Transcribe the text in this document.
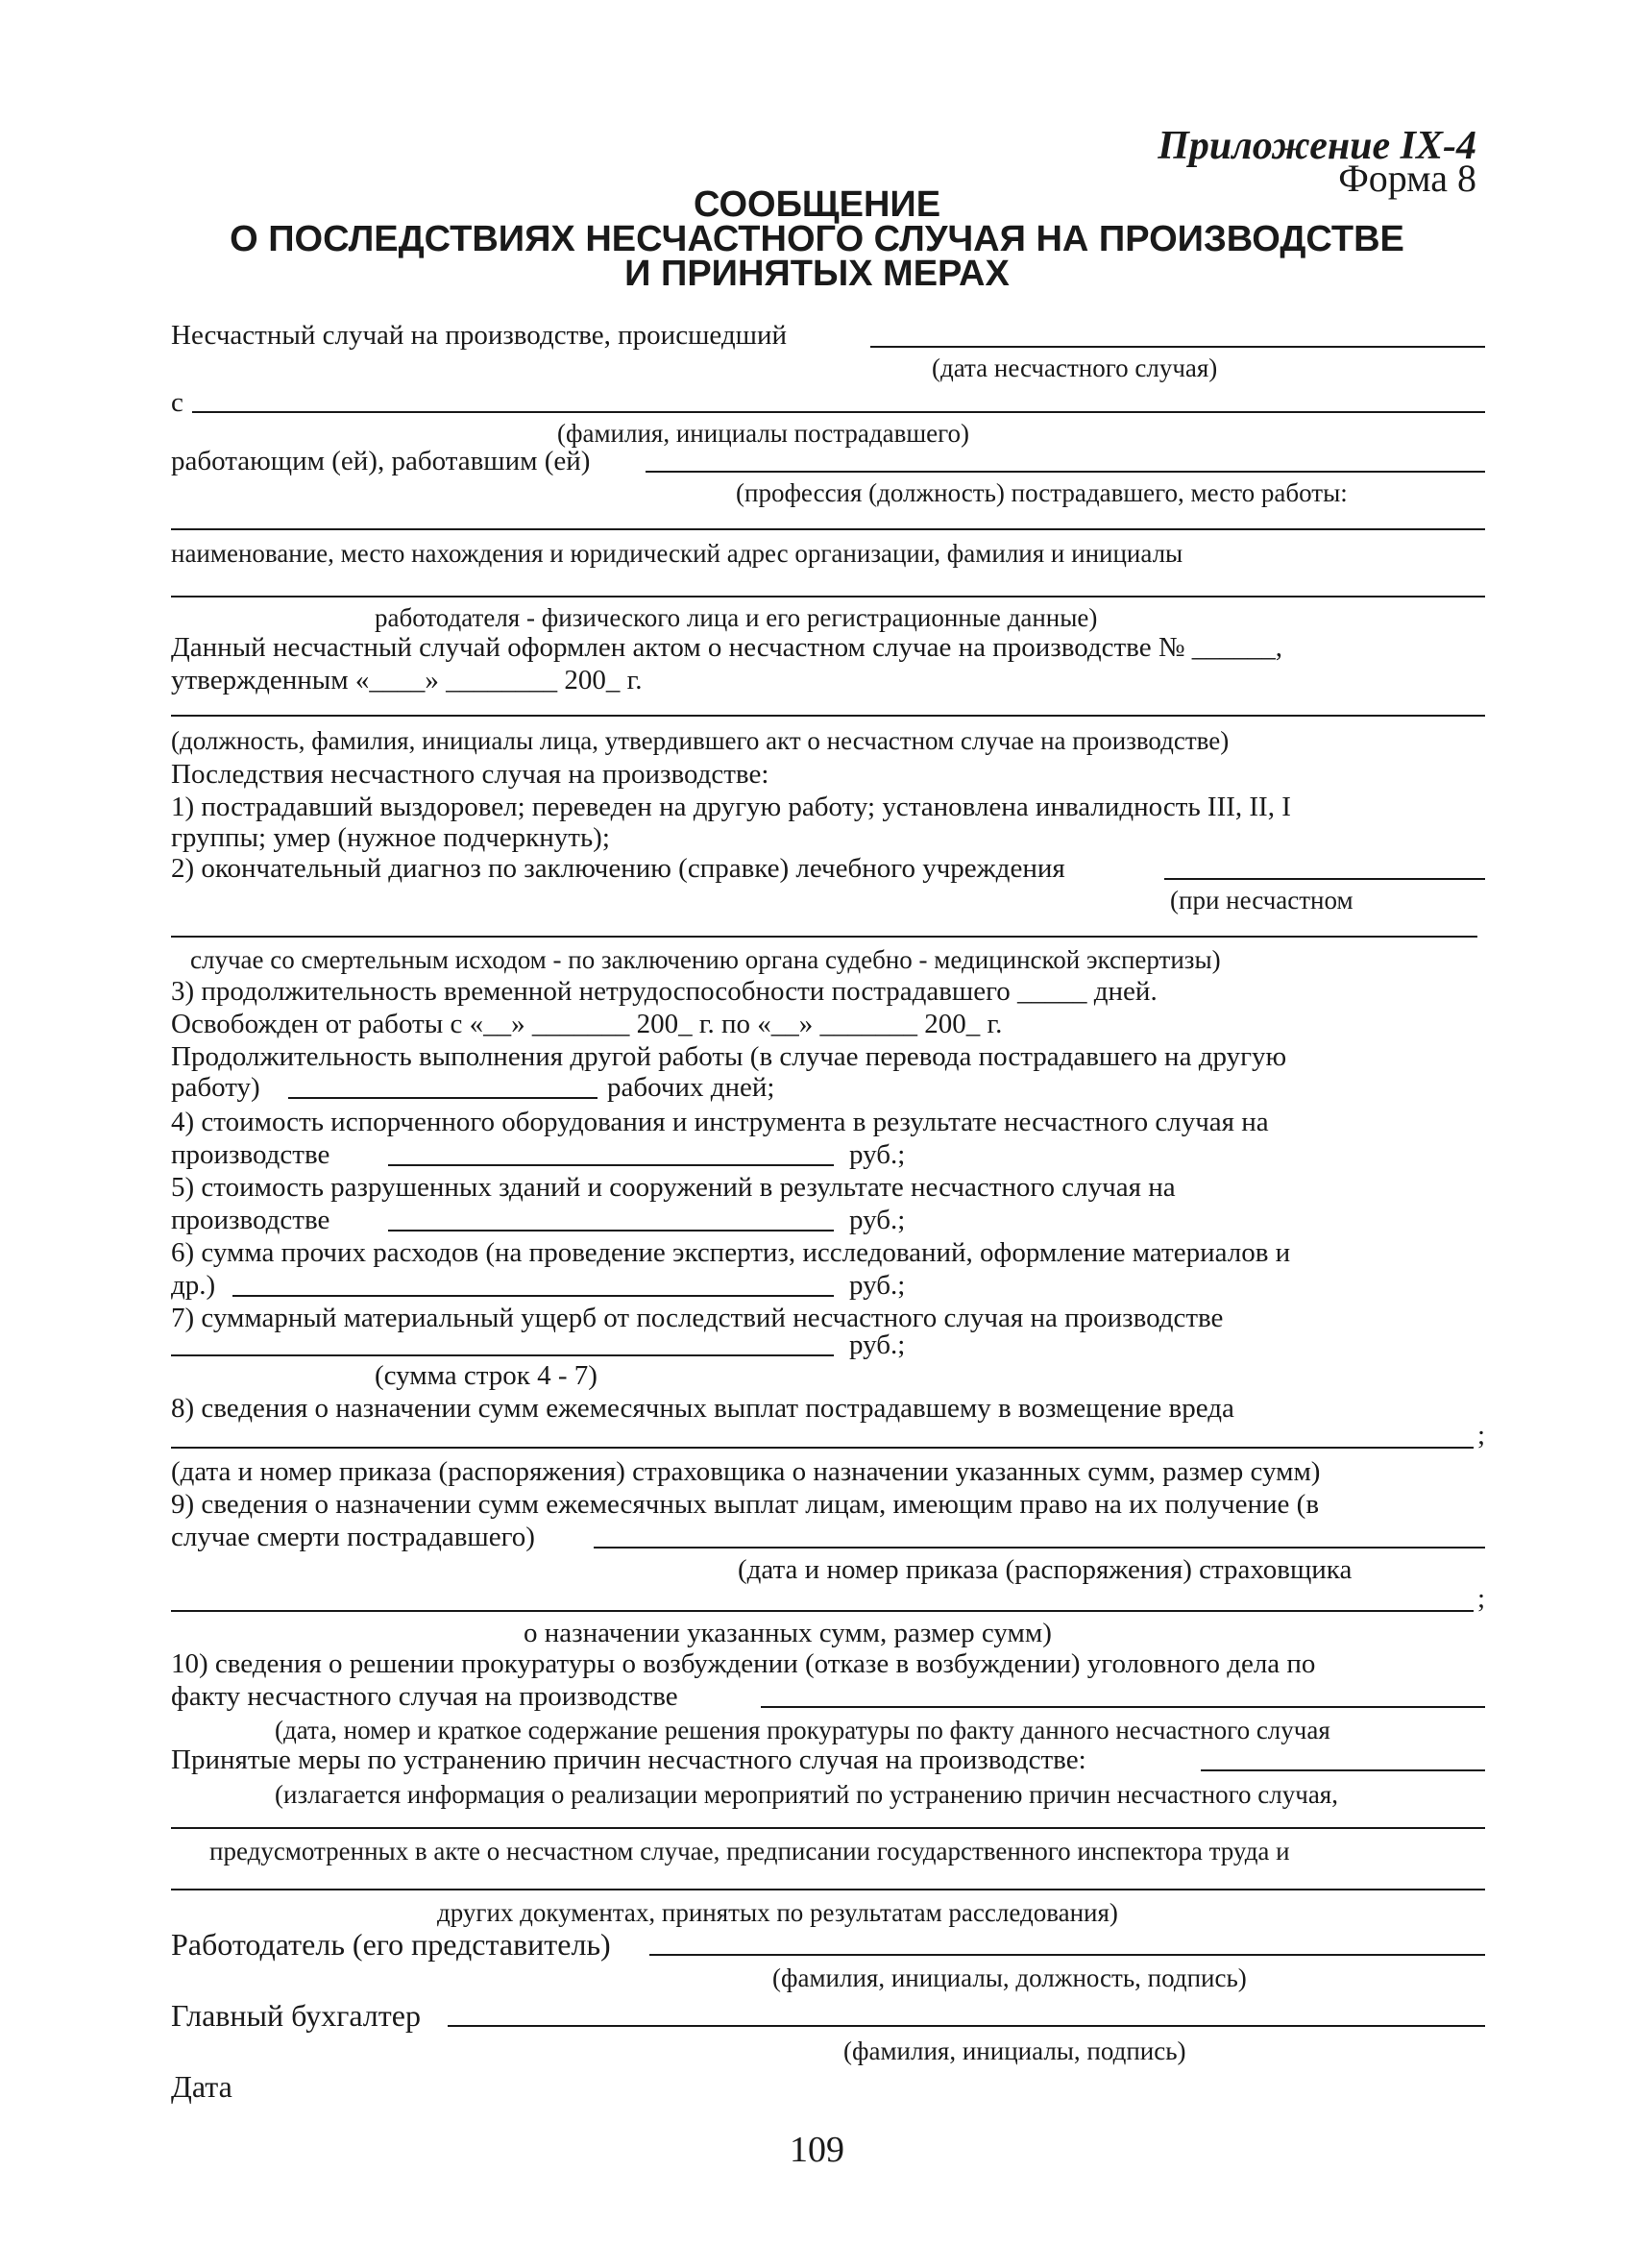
Приложение IX-4
Форма 8
СООБЩЕНИЕ
О ПОСЛЕДСТВИЯХ НЕСЧАСТНОГО СЛУЧАЯ НА ПРОИЗВОДСТВЕ
И ПРИНЯТЫХ МЕРАХ
Несчастный случай на производстве, происшедший
(дата несчастного случая)
с
(фамилия, инициалы пострадавшего)
работающим (ей), работавшим (ей)
(профессия (должность) пострадавшего, место работы:
наименование, место нахождения и юридический адрес организации, фамилия и инициалы
работодателя - физического лица и его регистрационные данные)
Данный несчастный случай оформлен актом о несчастном случае на производстве № ______,
утвержденным «____» ________ 200_ г.
(должность, фамилия, инициалы лица, утвердившего акт о несчастном случае на производстве)
Последствия несчастного случая на производстве:
1) пострадавший выздоровел; переведен на другую работу; установлена инвалидность III, II, I
группы; умер (нужное подчеркнуть);
2) окончательный диагноз по заключению (справке) лечебного учреждения
(при несчастном
случае со смертельным исходом - по заключению органа судебно - медицинской экспертизы)
3) продолжительность временной нетрудоспособности пострадавшего _____ дней.
Освобожден от работы с «__» _______ 200_ г. по «__» _______ 200_ г.
Продолжительность выполнения другой работы (в случае перевода пострадавшего на другую
работу)	рабочих дней;
4) стоимость испорченного оборудования и инструмента в результате несчастного случая на
производстве	руб.;
5) стоимость разрушенных зданий и сооружений в результате несчастного случая на
производстве	руб.;
6) сумма прочих расходов (на проведение экспертиз, исследований, оформление материалов и
др.)	руб.;
7) суммарный материальный ущерб от последствий несчастного случая на производстве
руб.;
(сумма строк 4 - 7)
8) сведения о назначении сумм ежемесячных выплат пострадавшему в возмещение вреда
;
(дата и номер приказа (распоряжения) страховщика о назначении указанных сумм, размер сумм)
9) сведения о назначении сумм ежемесячных выплат лицам, имеющим право на их получение (в
случае смерти пострадавшего)
(дата и номер приказа (распоряжения) страховщика
;
о назначении указанных сумм, размер сумм)
10) сведения о решении прокуратуры о возбуждении (отказе в возбуждении) уголовного дела по
факту несчастного случая на производстве
(дата, номер и краткое содержание решения прокуратуры по факту данного несчастного случая
Принятые меры по устранению причин несчастного случая на производстве:
(излагается информация о реализации мероприятий по устранению причин несчастного случая,
предусмотренных в акте о несчастном случае, предписании государственного инспектора труда и
других документах, принятых по результатам расследования)
Работодатель (его представитель)
(фамилия, инициалы, должность, подпись)
Главный бухгалтер
(фамилия, инициалы, подпись)
Дата
109
